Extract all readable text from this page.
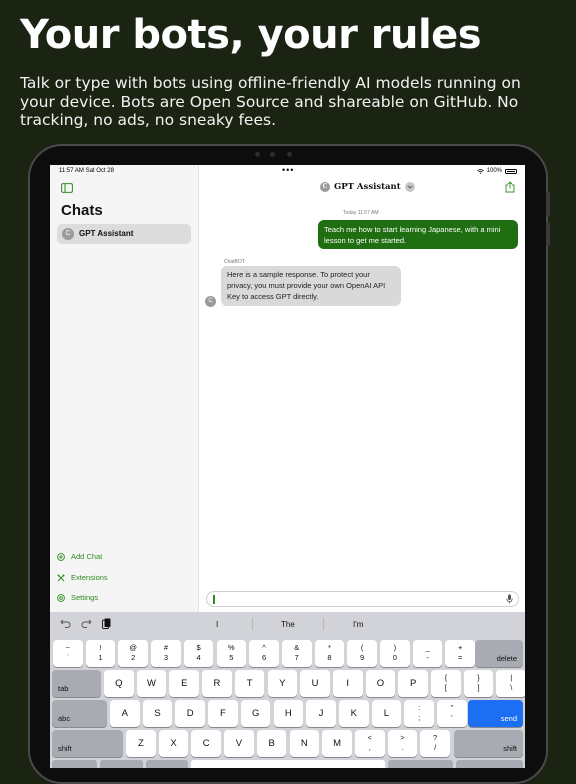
Your bots, your rules
Talk or type with bots using offline-friendly AI models running on your device. Bots are Open Source and shareable on GitHub. No tracking, no ads, no sneaky fees.
Chats
C	GPT Assistant
Add Chat
Extensions
Settings
11:57 AM Sat Oct 28	•••	100%
C GPT Assistant
Today 11:57 AM
Teach me how to start learning Japanese, with a mini lesson to get me started.
ChatBOT
Here is a sample response. To protect your privacy, you must provide your own OpenAI API Key to access GPT directly.
C
I	The	I'm
~
`
!
1
@
2
#
3
$
4
%
5
^
6
&
7
*
8
(
9
)
0
_
-
+
=	delete
tab	Q	W	E	R	T	Y	U	I	O	P
{
[
}
]
|
\
abc	A	S	D	F	G	H	J	K	L
:
;
"
'	send
shift	Z	X	C	V	B	N	M
<
,
>
.
?
/	shift
